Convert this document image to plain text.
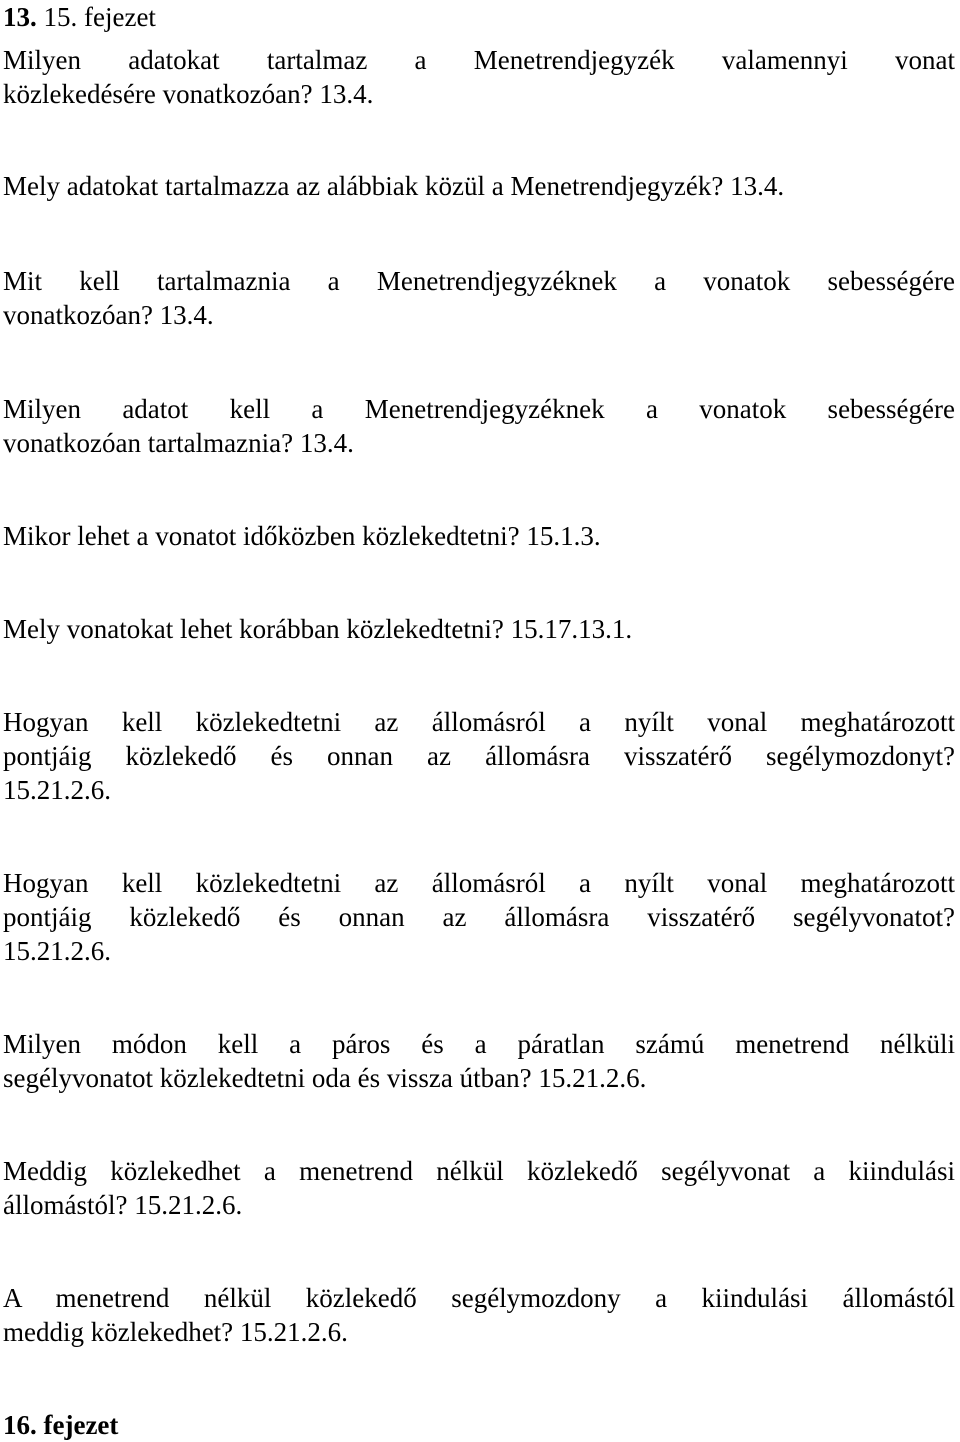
13. 15. fejezet
Milyen adatokat tartalmaz a Menetrendjegyzék valamennyi vonat
közlekedésére vonatkozóan? 13.4.
Mely adatokat tartalmazza az alábbiak közül a Menetrendjegyzék? 13.4.
Mit kell tartalmaznia a Menetrendjegyzéknek a vonatok sebességére
vonatkozóan? 13.4.
Milyen adatot kell a Menetrendjegyzéknek a vonatok sebességére
vonatkozóan tartalmaznia? 13.4.
Mikor lehet a vonatot időközben közlekedtetni? 15.1.3.
Mely vonatokat lehet korábban közlekedtetni? 15.17.13.1.
Hogyan kell közlekedtetni az állomásról a nyílt vonal meghatározott
pontjáig közlekedő és onnan az állomásra visszatérő segélymozdonyt?
15.21.2.6.
Hogyan kell közlekedtetni az állomásról a nyílt vonal meghatározott
pontjáig közlekedő és onnan az állomásra visszatérő segélyvonatot?
15.21.2.6.
Milyen módon kell a páros és a páratlan számú menetrend nélküli
segélyvonatot közlekedtetni oda és vissza útban? 15.21.2.6.
Meddig közlekedhet a menetrend nélkül közlekedő segélyvonat a kiindulási
állomástól? 15.21.2.6.
A menetrend nélkül közlekedő segélymozdony a kiindulási állomástól
meddig közlekedhet? 15.21.2.6.
16. fejezet
